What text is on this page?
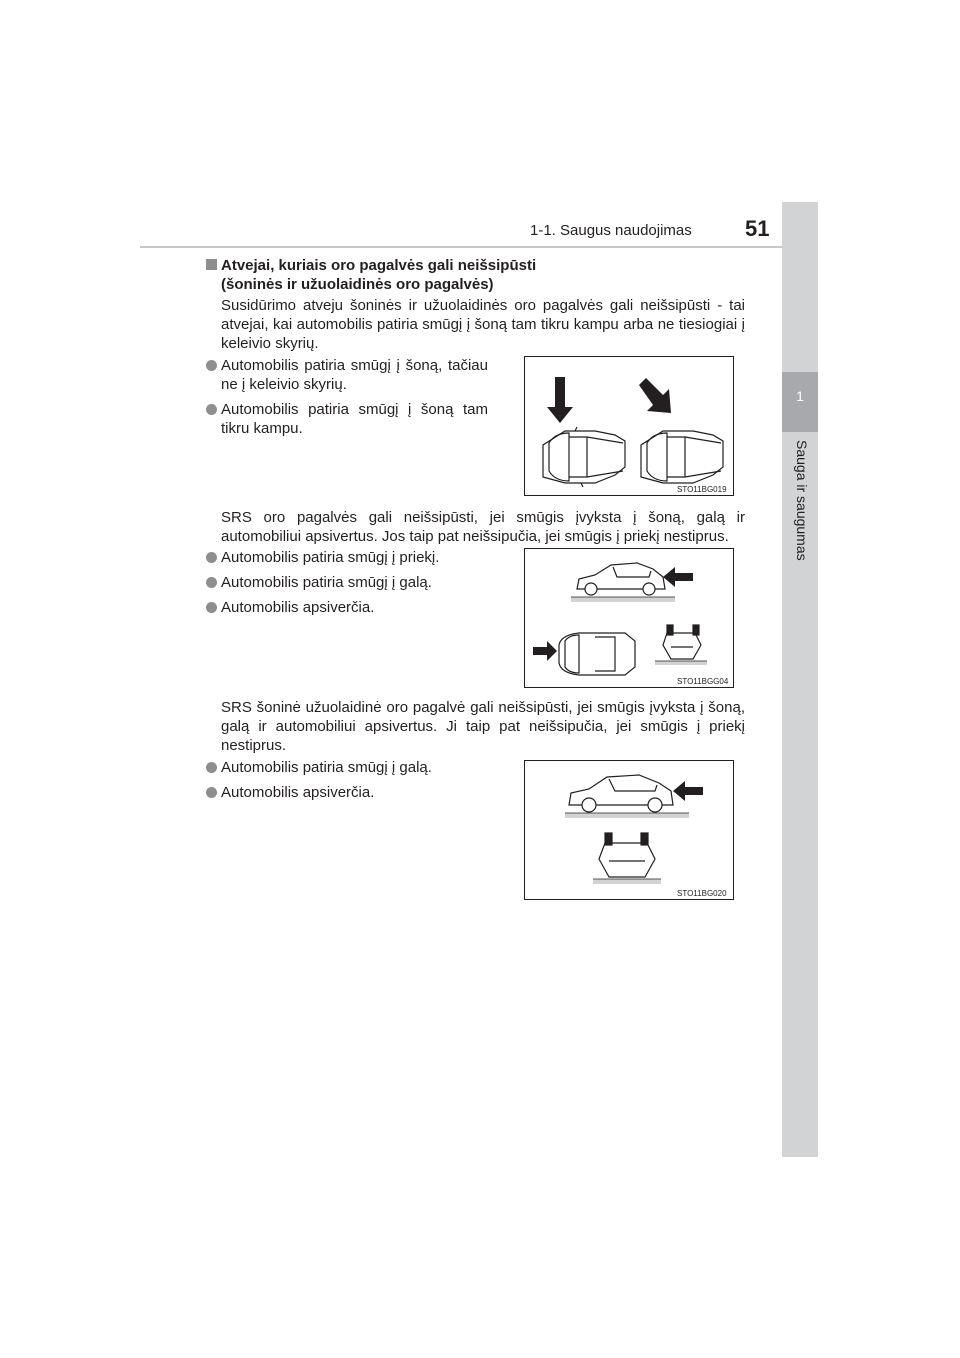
1-1. Saugus naudojimas 51
1
Sauga ir saugumas
Atvejai, kuriais oro pagalvės gali neišsipūsti
(šoninės ir užuolaidinės oro pagalvės)
Susidūrimo atveju šoninės ir užuolaidinės oro pagalvės gali neišsipūsti - tai atvejai, kai automobilis patiria smūgį į šoną tam tikru kampu arba ne tiesiogiai į keleivio skyrių.
Automobilis patiria smūgį į šoną, tačiau ne į keleivio skyrių.
Automobilis patiria smūgį į šoną tam tikru kampu.
STO11BG019
SRS oro pagalvės gali neišsipūsti, jei smūgis įvyksta į šoną, galą ir automobiliui apsivertus. Jos taip pat neišsipučia, jei smūgis į priekį nestiprus.
Automobilis patiria smūgį į priekį.
Automobilis patiria smūgį į galą.
Automobilis apsiverčia.
STO11BGG04
SRS šoninė užuolaidinė oro pagalvė gali neišsipūsti, jei smūgis įvyksta į šoną, galą ir automobiliui apsivertus. Ji taip pat neišsipučia, jei smūgis į priekį nestiprus.
Automobilis patiria smūgį į galą.
Automobilis apsiverčia.
STO11BG020
